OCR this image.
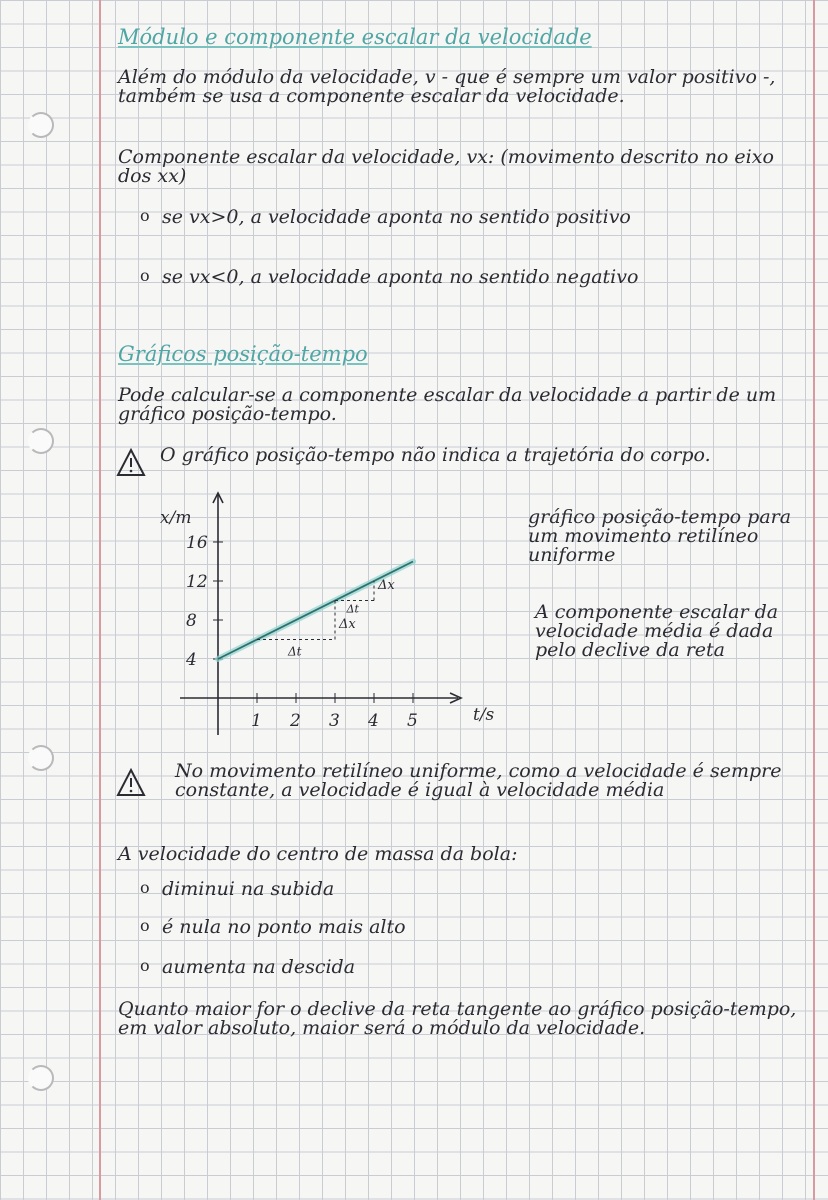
Módulo e componente escalar da velocidade
Além do módulo da velocidade, v - que é sempre um valor positivo -, também se usa a componente escalar da velocidade.
Componente escalar da velocidade, vx: (movimento descrito no eixo dos xx)
o se vx>0, a velocidade aponta no sentido positivo
o se vx<0, a velocidade aponta no sentido negativo
Gráficos posição-tempo
Pode calcular-se a componente escalar da velocidade a partir de um gráfico posição-tempo.
O gráfico posição-tempo não indica a trajetória do corpo.
x/m
t/s
1 2 3 4 5
4
8
12
16
Δt
Δx
Δt
Δx
gráfico posição-tempo para um movimento retilíneo uniforme
A componente escalar da velocidade média é dada pelo declive da reta
No movimento retilíneo uniforme, como a velocidade é sempre constante, a velocidade é igual à velocidade média
A velocidade do centro de massa da bola:
o diminui na subida
o é nula no ponto mais alto
o aumenta na descida
Quanto maior for o declive da reta tangente ao gráfico posição-tempo, em valor absoluto, maior será o módulo da velocidade.
